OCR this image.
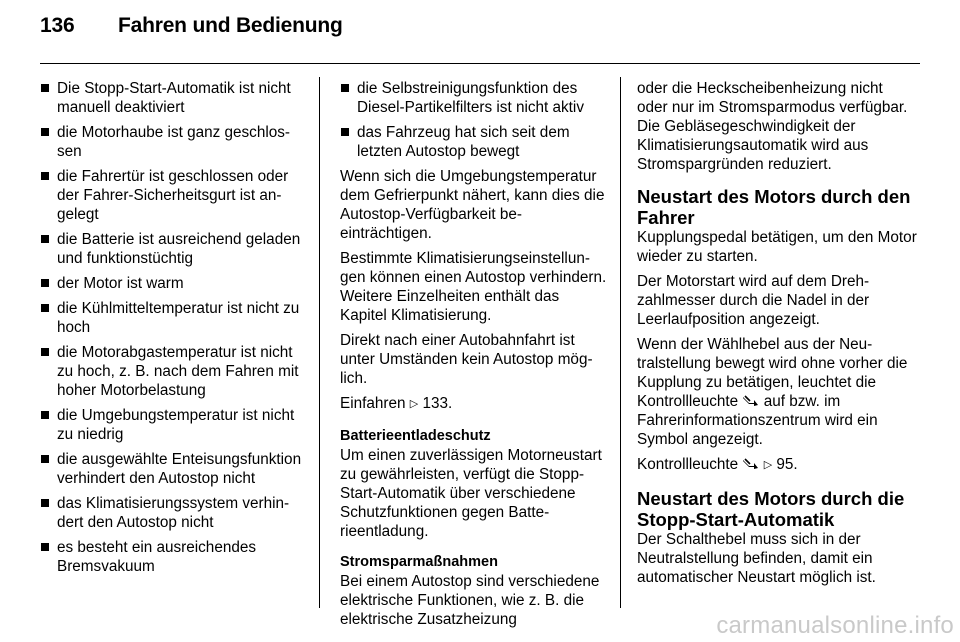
136 Fahren und Bedienung
Die Stopp-Start-Automatik ist nicht manuell deaktiviert
die Motorhaube ist ganz geschlossen
die Fahrertür ist geschlossen oder der Fahrer-Sicherheitsgurt ist angelegt
die Batterie ist ausreichend geladen und funktionstüchtig
der Motor ist warm
die Kühlmitteltemperatur ist nicht zu hoch
die Motorabgastemperatur ist nicht zu hoch, z. B. nach dem Fahren mit hoher Motorbelastung
die Umgebungstemperatur ist nicht zu niedrig
die ausgewählte Enteisungsfunktion verhindert den Autostop nicht
das Klimatisierungssystem verhindert den Autostop nicht
es besteht ein ausreichendes Bremsvakuum
die Selbstreinigungsfunktion des Diesel-Partikelfilters ist nicht aktiv
das Fahrzeug hat sich seit dem letzten Autostop bewegt

Wenn sich die Umgebungstemperatur dem Gefrierpunkt nähert, kann dies die Autostop-Verfügbarkeit beeinträchtigen.

Bestimmte Klimatisierungseinstellungen können einen Autostop verhindern. Weitere Einzelheiten enthält das Kapitel Klimatisierung.

Direkt nach einer Autobahnfahrt ist unter Umständen kein Autostop möglich.

Einfahren ▷ 133.

Batterieentladeschutz

Um einen zuverlässigen Motorneustart zu gewährleisten, verfügt die Stopp-Start-Automatik über verschiedene Schutzfunktionen gegen Batterieentladung.

Stromsparmaßnahmen

Bei einem Autostop sind verschiedene elektrische Funktionen, wie z. B. die elektrische Zusatzheizung

oder die Heckscheibenheizung nicht oder nur im Stromsparmodus verfügbar. Die Gebläsegeschwindigkeit der Klimatisierungsautomatik wird aus Stromspargründen reduziert.

Neustart des Motors durch den Fahrer

Kupplungspedal betätigen, um den Motor wieder zu starten.

Der Motorstart wird auf dem Drehzahlmesser durch die Nadel in der Leerlaufposition angezeigt.

Wenn der Wählhebel aus der Neutralstellung bewegt wird ohne vorher die Kupplung zu betätigen, leuchtet die Kontrollleuchte auf bzw. im Fahrerinformationszentrum wird ein Symbol angezeigt.

Kontrollleuchte ▷ 95.

Neustart des Motors durch die Stopp-Start-Automatik

Der Schalthebel muss sich in der Neutralstellung befinden, damit ein automatischer Neustart möglich ist.

carmanualsonline.info
